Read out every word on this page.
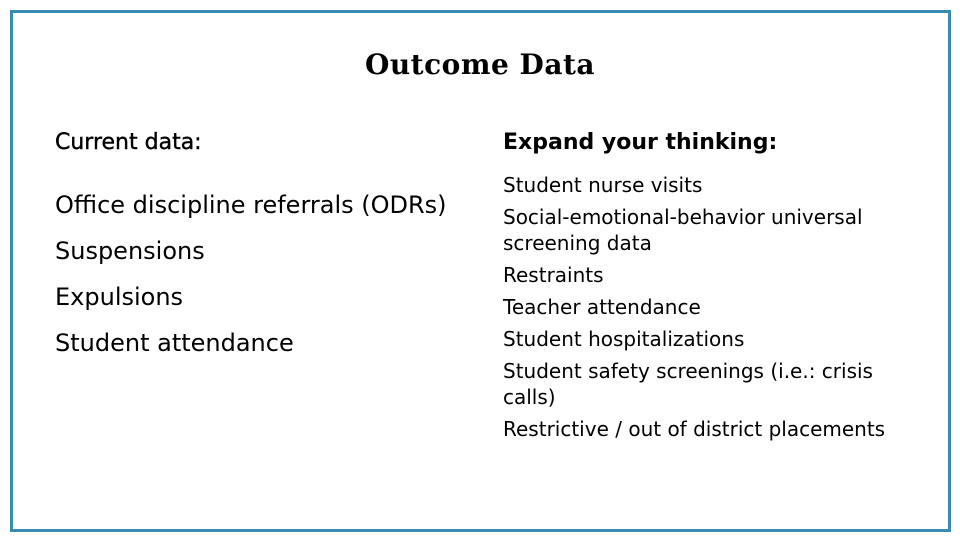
Outcome Data
Current data:
Office discipline referrals (ODRs)
Suspensions
Expulsions
Student attendance
Expand your thinking:
Student nurse visits
Social-emotional-behavior universal screening data
Restraints
Teacher attendance
Student hospitalizations
Student safety screenings (i.e.: crisis calls)
Restrictive / out of district placements
